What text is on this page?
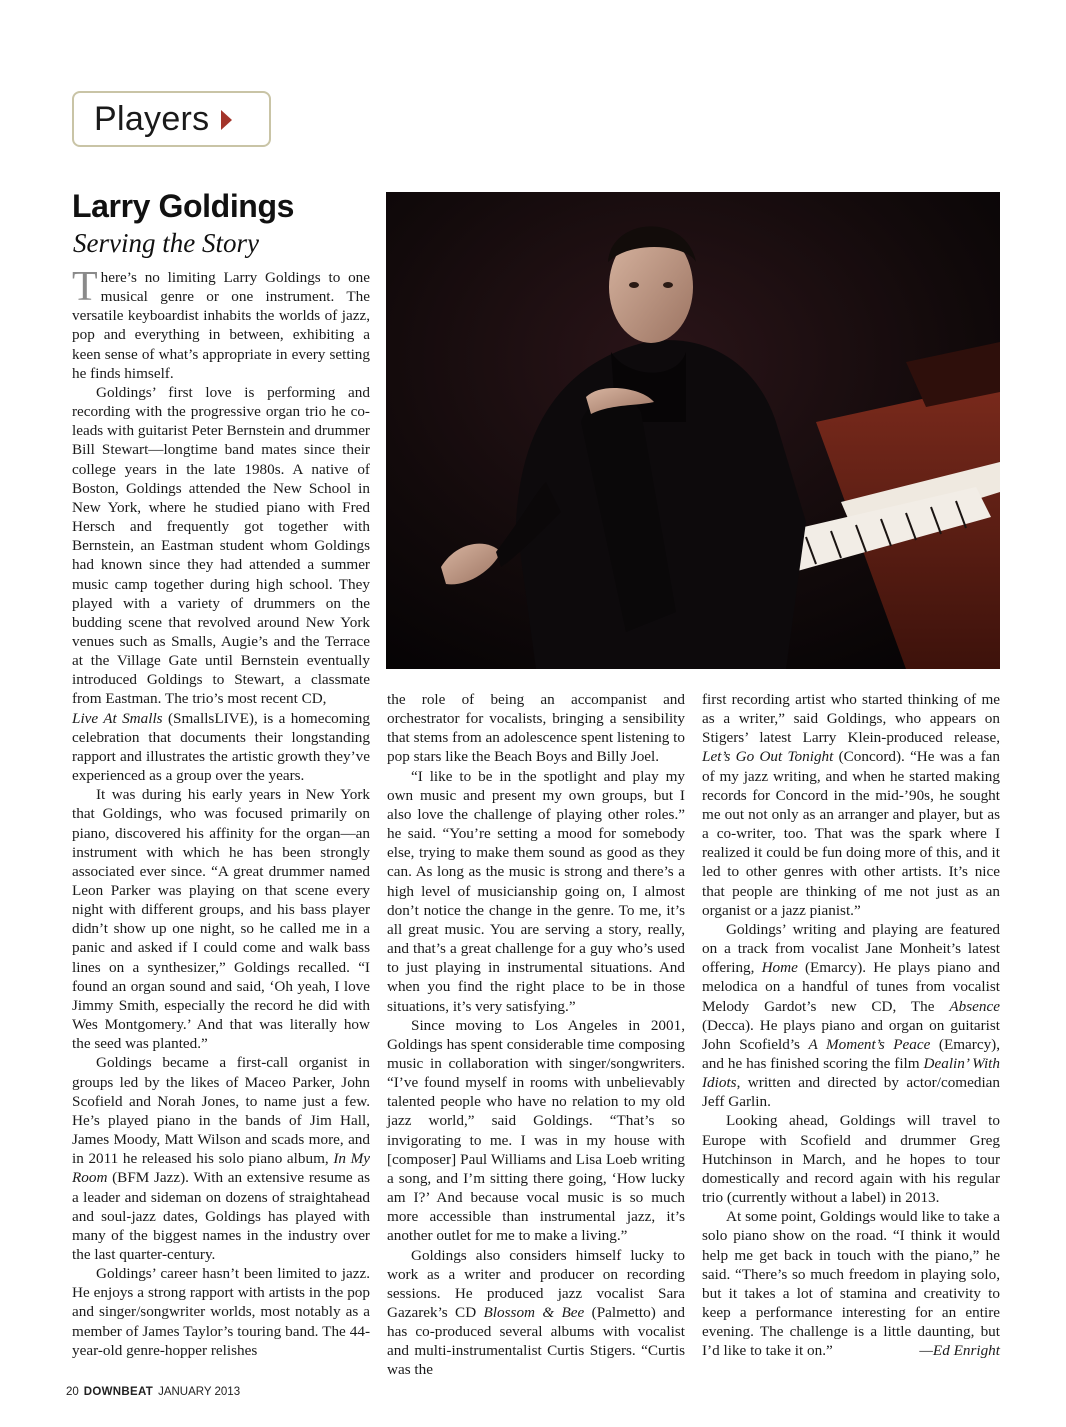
Players
Larry Goldings
Serving the Story

There’s no limiting Larry Goldings to one musical genre or one instrument. The versatile keyboardist inhabits the worlds of jazz, pop and everything in between, exhibiting a keen sense of what’s appropriate in every setting he finds himself.

Goldings’ first love is performing and recording with the progressive organ trio he co-leads with guitarist Peter Bernstein and drummer Bill Stewart—longtime band mates since their college years in the late 1980s. A native of Boston, Goldings attended the New School in New York, where he studied piano with Fred Hersch and frequently got together with Bernstein, an Eastman student whom Goldings had known since they had attended a summer music camp together during high school. They played with a variety of drummers on the budding scene that revolved around New York venues such as Smalls, Augie’s and the Terrace at the Village Gate until Bernstein eventually introduced Goldings to Stewart, a classmate from Eastman. The trio’s most recent CD,

Live At Smalls (SmallsLIVE), is a homecoming celebration that documents their longstanding rapport and illustrates the artistic growth they’ve experienced as a group over the years.

It was during his early years in New York that Goldings, who was focused primarily on piano, discovered his affinity for the organ—an instrument with which he has been strongly associated ever since. “A great drummer named Leon Parker was playing on that scene every night with different groups, and his bass player didn’t show up one night, so he called me in a panic and asked if I could come and walk bass lines on a synthesizer,” Goldings recalled. “I found an organ sound and said, ‘Oh yeah, I love Jimmy Smith, especially the record he did with Wes Montgomery.’ And that was literally how the seed was planted.”

Goldings became a first-call organist in groups led by the likes of Maceo Parker, John Scofield and Norah Jones, to name just a few. He’s played piano in the bands of Jim Hall, James Moody, Matt Wilson and scads more, and in 2011 he released his solo piano album, In My Room (BFM Jazz). With an extensive resume as a leader and sideman on dozens of straightahead and soul-jazz dates, Goldings has played with many of the biggest names in the industry over the last quarter-century.

Goldings’ career hasn’t been limited to jazz. He enjoys a strong rapport with artists in the pop and singer/songwriter worlds, most notably as a member of James Taylor’s touring band. The 44-year-old genre-hopper relishes

the role of being an accompanist and orchestrator for vocalists, bringing a sensibility that stems from an adolescence spent listening to pop stars like the Beach Boys and Billy Joel.

“I like to be in the spotlight and play my own music and present my own groups, but I also love the challenge of playing other roles.” he said. “You’re setting a mood for somebody else, trying to make them sound as good as they can. As long as the music is strong and there’s a high level of musicianship going on, I almost don’t notice the change in the genre. To me, it’s all great music. You are serving a story, really, and that’s a great challenge for a guy who’s used to just playing in instrumental situations. And when you find the right place to be in those situations, it’s very satisfying.”

Since moving to Los Angeles in 2001, Goldings has spent considerable time composing music in collaboration with singer/songwriters. “I’ve found myself in rooms with unbelievably talented people who have no relation to my old jazz world,” said Goldings. “That’s so invigorating to me. I was in my house with [composer] Paul Williams and Lisa Loeb writing a song, and I’m sitting there going, ‘How lucky am I?’ And because vocal music is so much more accessible than instrumental jazz, it’s another outlet for me to make a living.”

Goldings also considers himself lucky to work as a writer and producer on recording sessions. He produced jazz vocalist Sara Gazarek’s CD Blossom & Bee (Palmetto) and has co-produced several albums with vocalist and multi-instrumentalist Curtis Stigers. “Curtis was the

first recording artist who started thinking of me as a writer,” said Goldings, who appears on Stigers’ latest Larry Klein-produced release, Let’s Go Out Tonight (Concord). “He was a fan of my jazz writing, and when he started making records for Concord in the mid-’90s, he sought me out not only as an arranger and player, but as a co-writer, too. That was the spark where I realized it could be fun doing more of this, and it led to other genres with other artists. It’s nice that people are thinking of me not just as an organist or a jazz pianist.”

Goldings’ writing and playing are featured on a track from vocalist Jane Monheit’s latest offering, Home (Emarcy). He plays piano and melodica on a handful of tunes from vocalist Melody Gardot’s new CD, The Absence (Decca). He plays piano and organ on guitarist John Scofield’s A Moment’s Peace (Emarcy), and he has finished scoring the film Dealin’ With Idiots, written and directed by actor/comedian Jeff Garlin.

Looking ahead, Goldings will travel to Europe with Scofield and drummer Greg Hutchinson in March, and he hopes to tour domestically and record again with his regular trio (currently without a label) in 2013.

At some point, Goldings would like to take a solo piano show on the road. “I think it would help me get back in touch with the piano,” he said. “There’s so much freedom in playing solo, but it takes a lot of stamina and creativity to keep a performance interesting for an entire evening. The challenge is a little daunting, but I’d like to take it on.”	—Ed Enright

20 DOWNBEAT JANUARY 2013
